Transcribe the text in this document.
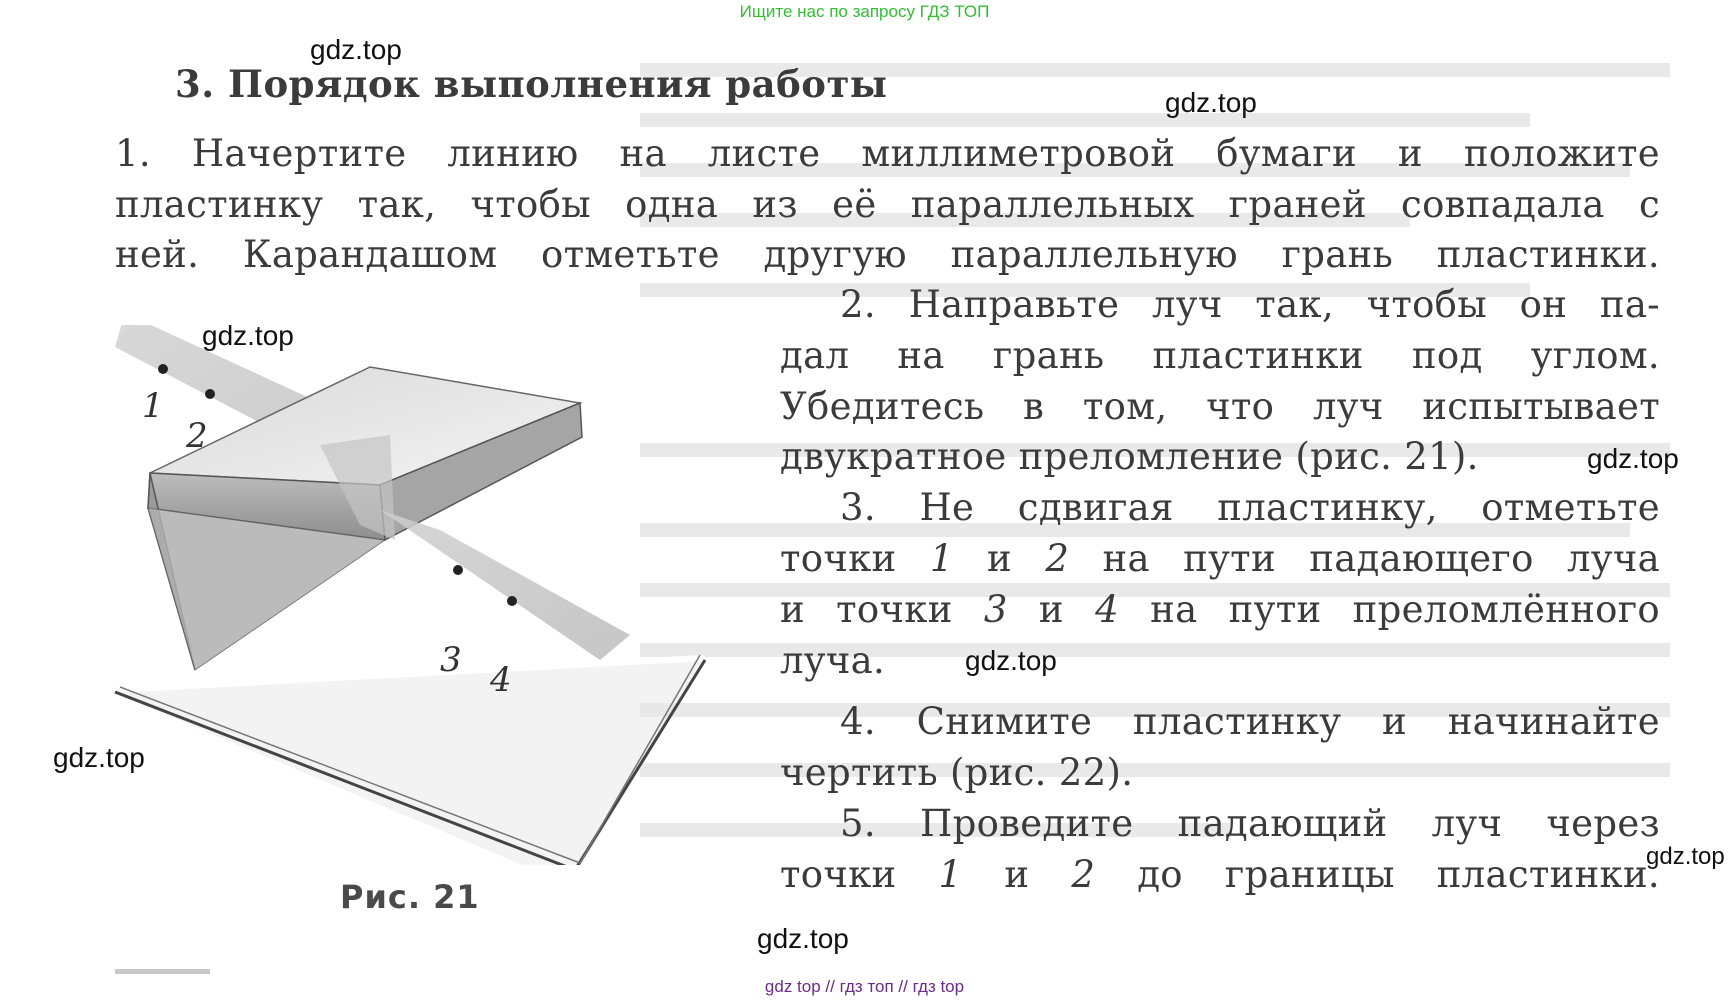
Ищите нас по запросу ГДЗ ТОП
3. Порядок выполнения работы
1. Начертите линию на листе миллиметровой бумаги и положите
пластинку так, чтобы одна из её параллельных граней совпадала с
ней. Карандашом отметьте другую параллельную грань пластинки.
2. Направьте луч так, чтобы он па-
дал на грань пластинки под углом.
Убедитесь в том, что луч испытывает
двукратное преломление (рис. 21).
3. Не сдвигая пластинку, отметьте
точки 1 и 2 на пути падающего луча
и точки 3 и 4 на пути преломлённого
луча.
4. Снимите пластинку и начинайте
чертить (рис. 22).
5. Проведите падающий луч через
точки 1 и 2 до границы пластинки.
1
2
3 4
Рис. 21
gdz.top
gdz.top
gdz.top
gdz.top
gdz.top
gdz.top
gdz.top
gdz.top
gdz top // гдз топ // гдз top
